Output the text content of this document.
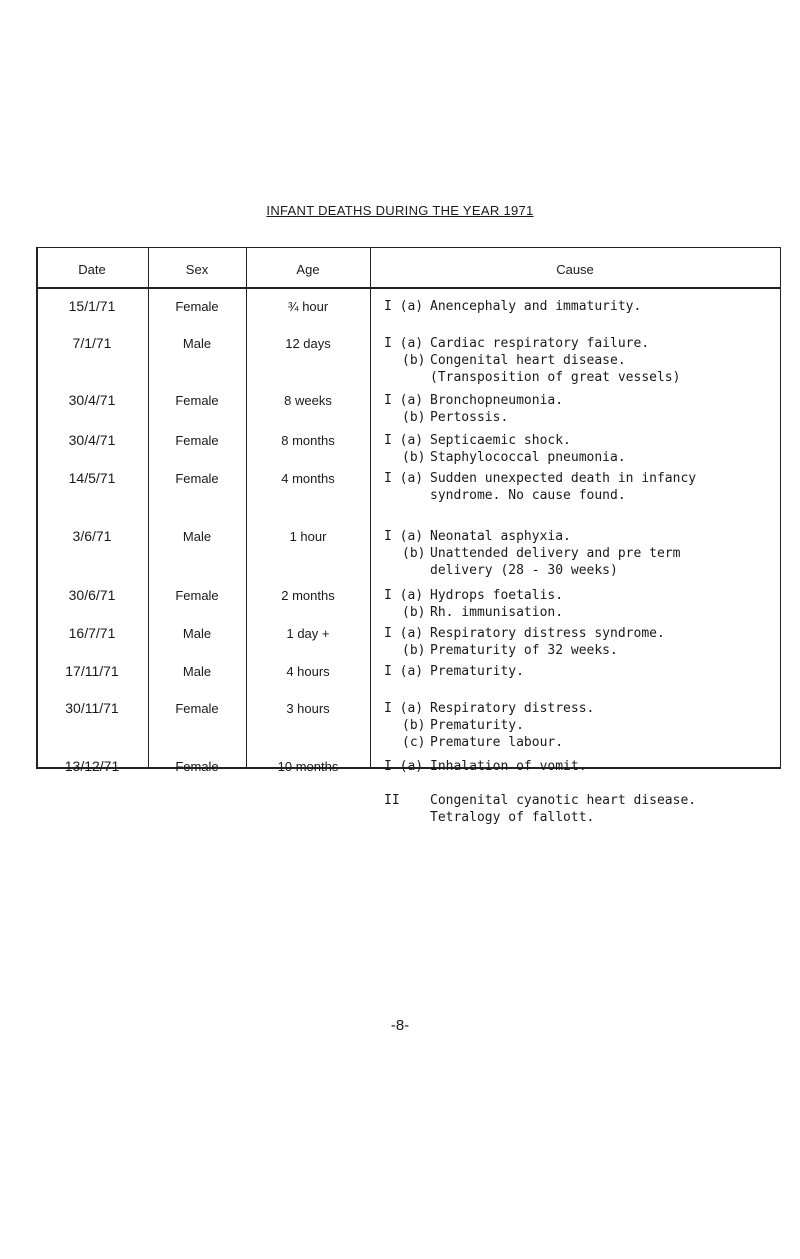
INFANT DEATHS DURING THE YEAR 1971
Date	Sex	Age	Cause
15/1/71	Female	¾ hour	I (a) Anencephaly and immaturity.
7/1/71	Male	12 days	I (a) Cardiac respiratory failure.
(b) Congenital heart disease.
(Transposition of great vessels)
30/4/71	Female	8 weeks	I (a) Bronchopneumonia.
(b) Pertossis.
30/4/71	Female	8 months	I (a) Septicaemic shock.
(b) Staphylococcal pneumonia.
14/5/71	Female	4 months	I (a) Sudden unexpected death in infancy
syndrome. No cause found.
3/6/71	Male	1 hour	I (a) Neonatal asphyxia.
(b) Unattended delivery and pre term
delivery (28 - 30 weeks)
30/6/71	Female	2 months	I (a) Hydrops foetalis.
(b) Rh. immunisation.
16/7/71	Male	1 day +	I (a) Respiratory distress syndrome.
(b) Prematurity of 32 weeks.
17/11/71	Male	4 hours	I (a) Prematurity.
30/11/71	Female	3 hours	I (a) Respiratory distress.
(b) Prematurity.
(c) Premature labour.
13/12/71	Female	10 months	I (a) Inhalation of vomit.
II	Congenital cyanotic heart disease.
Tetralogy of fallott.
-8-
